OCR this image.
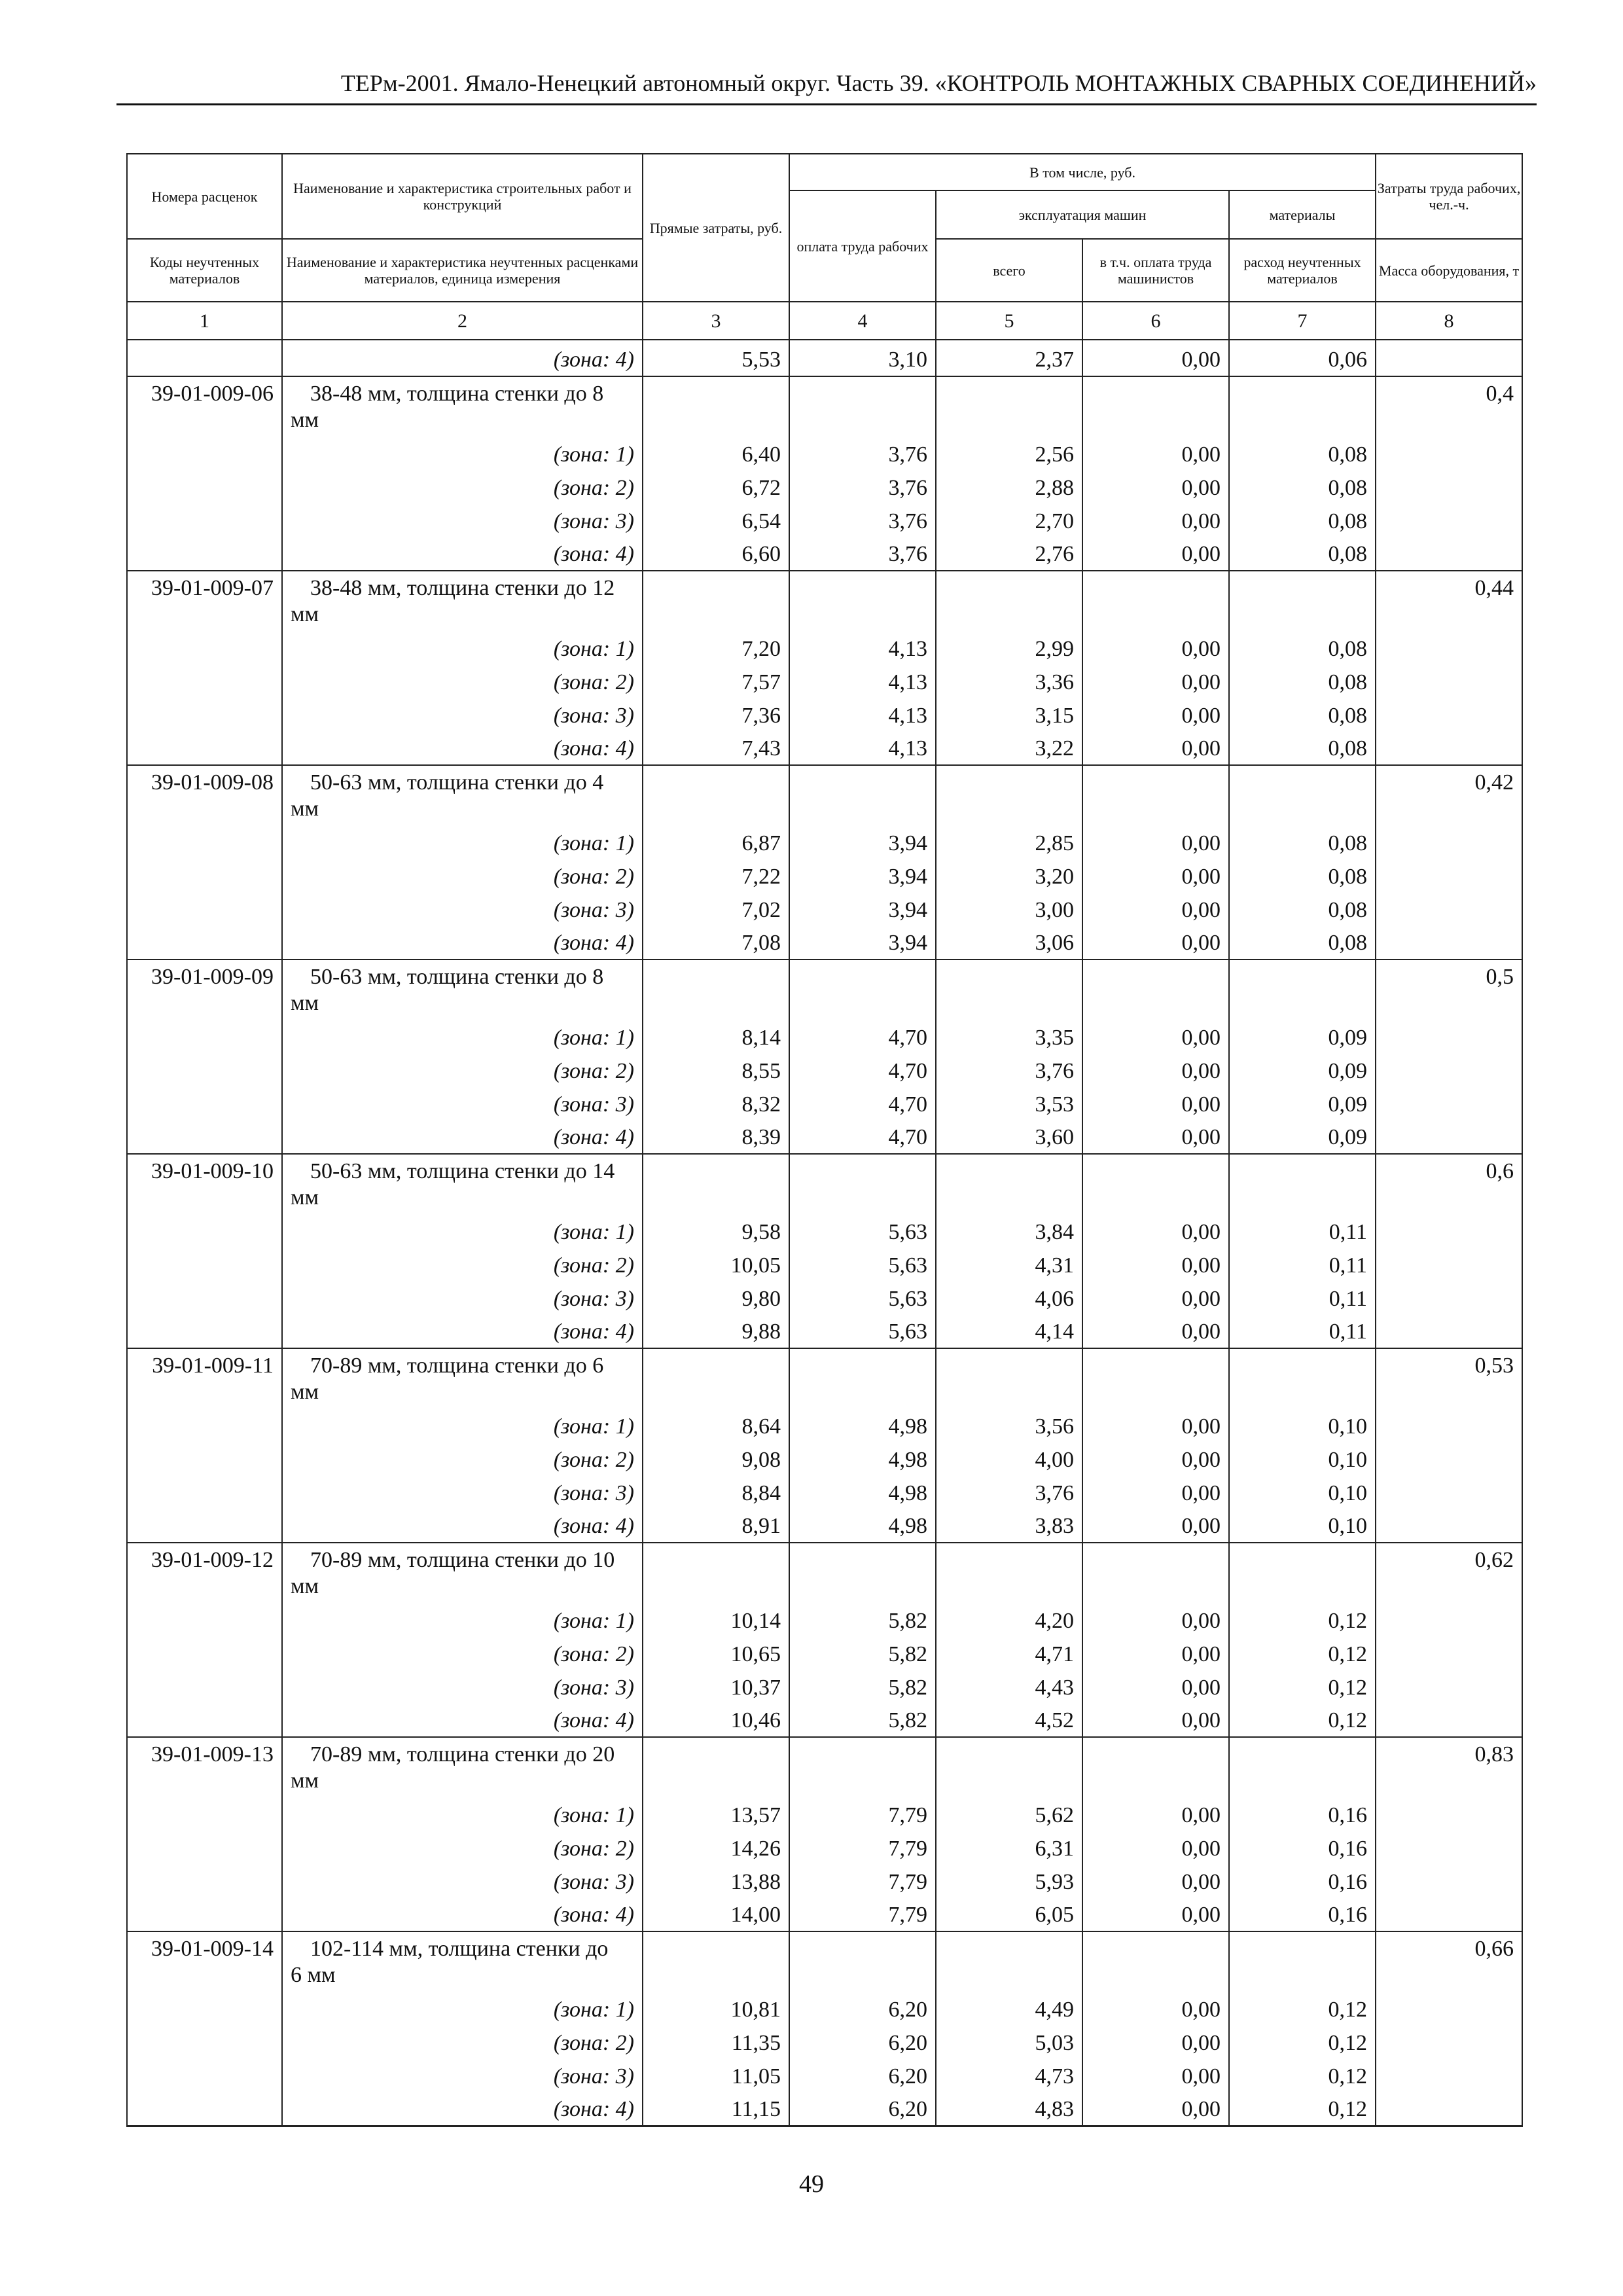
ТЕРм-2001. Ямало-Ненецкий автономный округ. Часть 39. «КОНТРОЛЬ МОНТАЖНЫХ СВАРНЫХ СОЕДИНЕНИЙ»
Номера расценок	Наименование и характеристика строительных работ и конструкций	Прямые затраты, руб.	В том числе, руб.				Затраты труда рабочих, чел.-ч.
			оплата труда рабочих	эксплуатация машин		материалы	
Коды неучтенных материалов	Наименование и характеристика неучтенных расценками материалов, единица измерения			всего	в т.ч. оплата труда машинистов	расход неучтенных материалов	Масса оборудования, т

1	2	3	4	5	6	7	8
	(зона: 4)	5,53	3,10	2,37	0,00	0,06	
39-01-009-06	38-48 мм, толщина стенки до 8
мм						0,4
	(зона: 1)	6,40	3,76	2,56	0,00	0,08	
	(зона: 2)	6,72	3,76	2,88	0,00	0,08	
	(зона: 3)	6,54	3,76	2,70	0,00	0,08	
	(зона: 4)	6,60	3,76	2,76	0,00	0,08	
39-01-009-07	38-48 мм, толщина стенки до 12
мм						0,44
	(зона: 1)	7,20	4,13	2,99	0,00	0,08	
	(зона: 2)	7,57	4,13	3,36	0,00	0,08	
	(зона: 3)	7,36	4,13	3,15	0,00	0,08	
	(зона: 4)	7,43	4,13	3,22	0,00	0,08	
39-01-009-08	50-63 мм, толщина стенки до 4
мм						0,42
	(зона: 1)	6,87	3,94	2,85	0,00	0,08	
	(зона: 2)	7,22	3,94	3,20	0,00	0,08	
	(зона: 3)	7,02	3,94	3,00	0,00	0,08	
	(зона: 4)	7,08	3,94	3,06	0,00	0,08	
39-01-009-09	50-63 мм, толщина стенки до 8
мм						0,5
	(зона: 1)	8,14	4,70	3,35	0,00	0,09	
	(зона: 2)	8,55	4,70	3,76	0,00	0,09	
	(зона: 3)	8,32	4,70	3,53	0,00	0,09	
	(зона: 4)	8,39	4,70	3,60	0,00	0,09	
39-01-009-10	50-63 мм, толщина стенки до 14
мм						0,6
	(зона: 1)	9,58	5,63	3,84	0,00	0,11	
	(зона: 2)	10,05	5,63	4,31	0,00	0,11	
	(зона: 3)	9,80	5,63	4,06	0,00	0,11	
	(зона: 4)	9,88	5,63	4,14	0,00	0,11	
39-01-009-11	70-89 мм, толщина стенки до 6
мм						0,53
	(зона: 1)	8,64	4,98	3,56	0,00	0,10	
	(зона: 2)	9,08	4,98	4,00	0,00	0,10	
	(зона: 3)	8,84	4,98	3,76	0,00	0,10	
	(зона: 4)	8,91	4,98	3,83	0,00	0,10	
39-01-009-12	70-89 мм, толщина стенки до 10
мм						0,62
	(зона: 1)	10,14	5,82	4,20	0,00	0,12	
	(зона: 2)	10,65	5,82	4,71	0,00	0,12	
	(зона: 3)	10,37	5,82	4,43	0,00	0,12	
	(зона: 4)	10,46	5,82	4,52	0,00	0,12	
39-01-009-13	70-89 мм, толщина стенки до 20
мм						0,83
	(зона: 1)	13,57	7,79	5,62	0,00	0,16	
	(зона: 2)	14,26	7,79	6,31	0,00	0,16	
	(зона: 3)	13,88	7,79	5,93	0,00	0,16	
	(зона: 4)	14,00	7,79	6,05	0,00	0,16	
39-01-009-14	102-114 мм, толщина стенки до
6 мм						0,66
	(зона: 1)	10,81	6,20	4,49	0,00	0,12	
	(зона: 2)	11,35	6,20	5,03	0,00	0,12	
	(зона: 3)	11,05	6,20	4,73	0,00	0,12	
	(зона: 4)	11,15	6,20	4,83	0,00	0,12	
49
